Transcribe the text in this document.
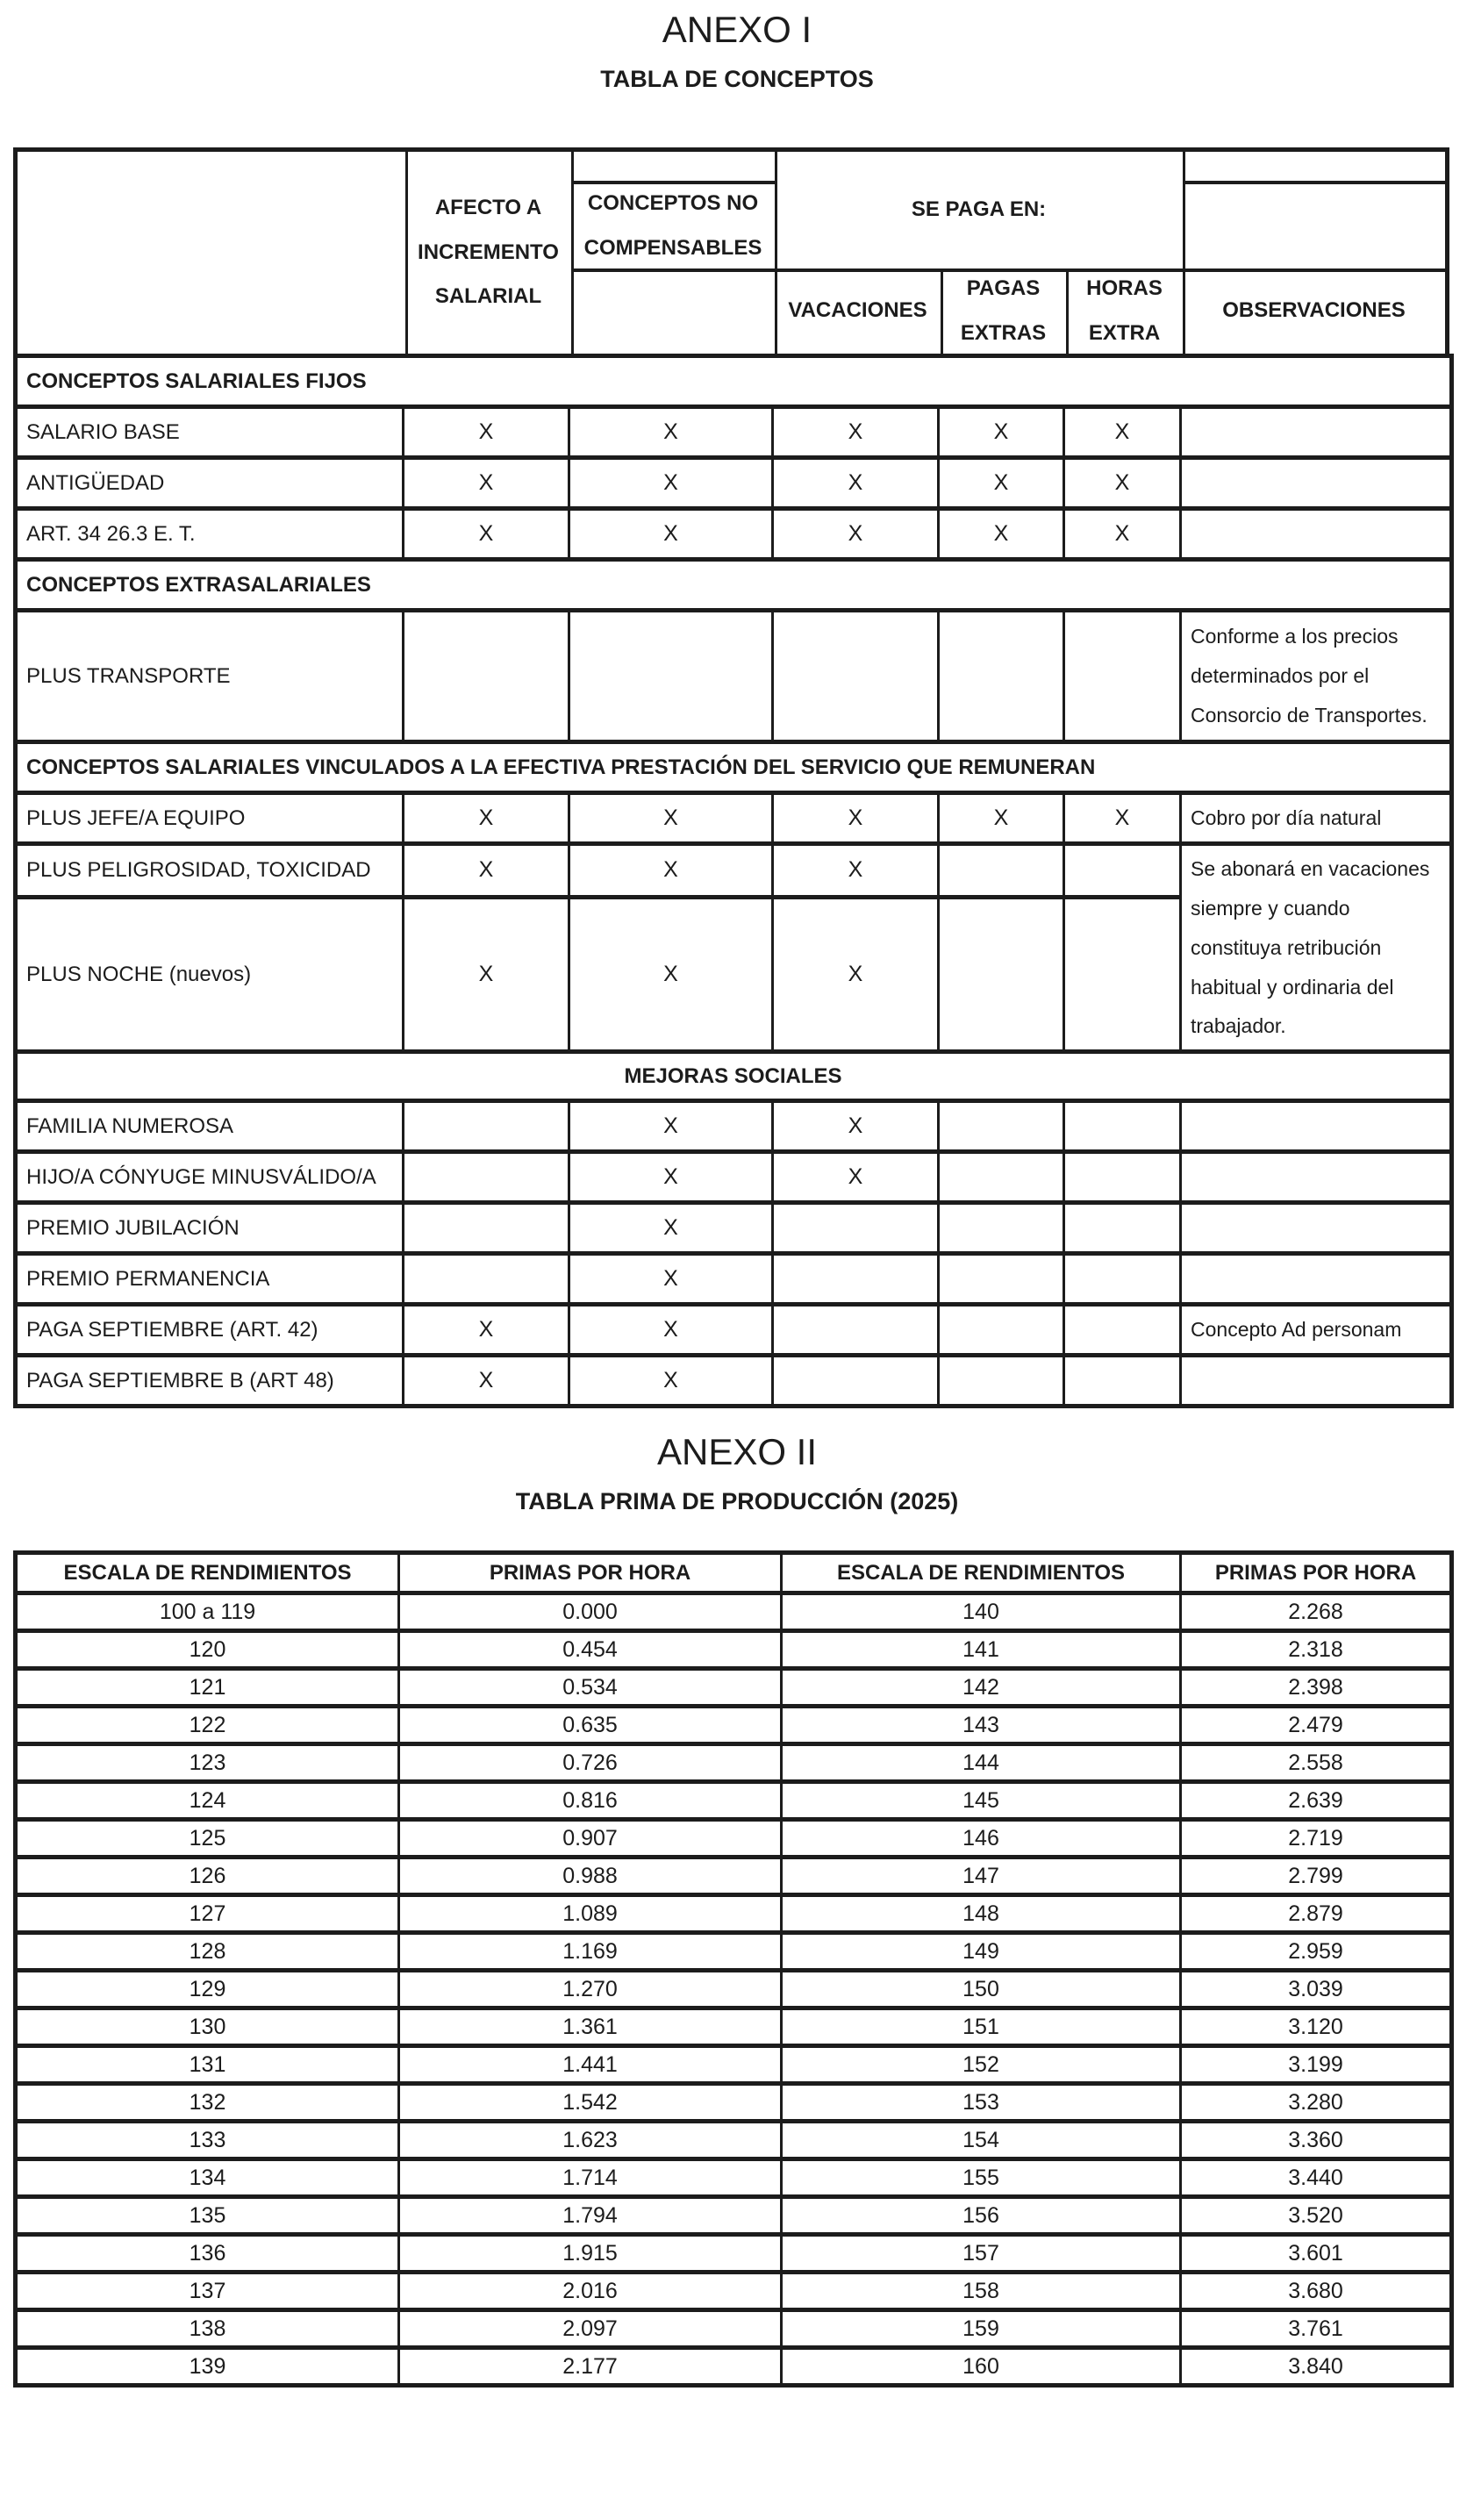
ANEXO I
TABLA DE CONCEPTOS
AFECTO A INCREMENTO SALARIAL
CONCEPTOS NO COMPENSABLES
SE PAGA EN:
VACACIONES
PAGAS EXTRAS
HORAS EXTRA
OBSERVACIONES
CONCEPTOS SALARIALES FIJOS						
SALARIO BASE	X	X	X	X	X	
ANTIGÜEDAD	X	X	X	X	X	
ART. 34 26.3 E. T.	X	X	X	X	X	
CONCEPTOS EXTRASALARIALES						
PLUS TRANSPORTE						Conforme a los precios determinados por el Consorcio de Transportes.
CONCEPTOS SALARIALES VINCULADOS A LA EFECTIVA PRESTACIÓN DEL SERVICIO QUE REMUNERAN						
PLUS JEFE/A EQUIPO	X	X	X	X	X	Cobro por día natural
PLUS PELIGROSIDAD, TOXICIDAD	X	X	X			Se abonará en vacaciones siempre y cuando constituya retribución habitual y ordinaria del trabajador.
PLUS NOCHE (nuevos)	X	X	X			
MEJORAS SOCIALES						
FAMILIA NUMEROSA		X	X			
HIJO/A CÓNYUGE MINUSVÁLIDO/A		X	X			
PREMIO JUBILACIÓN		X				
PREMIO PERMANENCIA		X				
PAGA SEPTIEMBRE (ART. 42)	X	X				Concepto Ad personam
PAGA SEPTIEMBRE B (ART 48)	X	X				
ANEXO II
TABLA PRIMA DE PRODUCCIÓN (2025)
ESCALA DE RENDIMIENTOS	PRIMAS POR HORA	ESCALA DE RENDIMIENTOS	PRIMAS POR HORA
100 a 119	0.000	140	2.268
120	0.454	141	2.318
121	0.534	142	2.398
122	0.635	143	2.479
123	0.726	144	2.558
124	0.816	145	2.639
125	0.907	146	2.719
126	0.988	147	2.799
127	1.089	148	2.879
128	1.169	149	2.959
129	1.270	150	3.039
130	1.361	151	3.120
131	1.441	152	3.199
132	1.542	153	3.280
133	1.623	154	3.360
134	1.714	155	3.440
135	1.794	156	3.520
136	1.915	157	3.601
137	2.016	158	3.680
138	2.097	159	3.761
139	2.177	160	3.840
